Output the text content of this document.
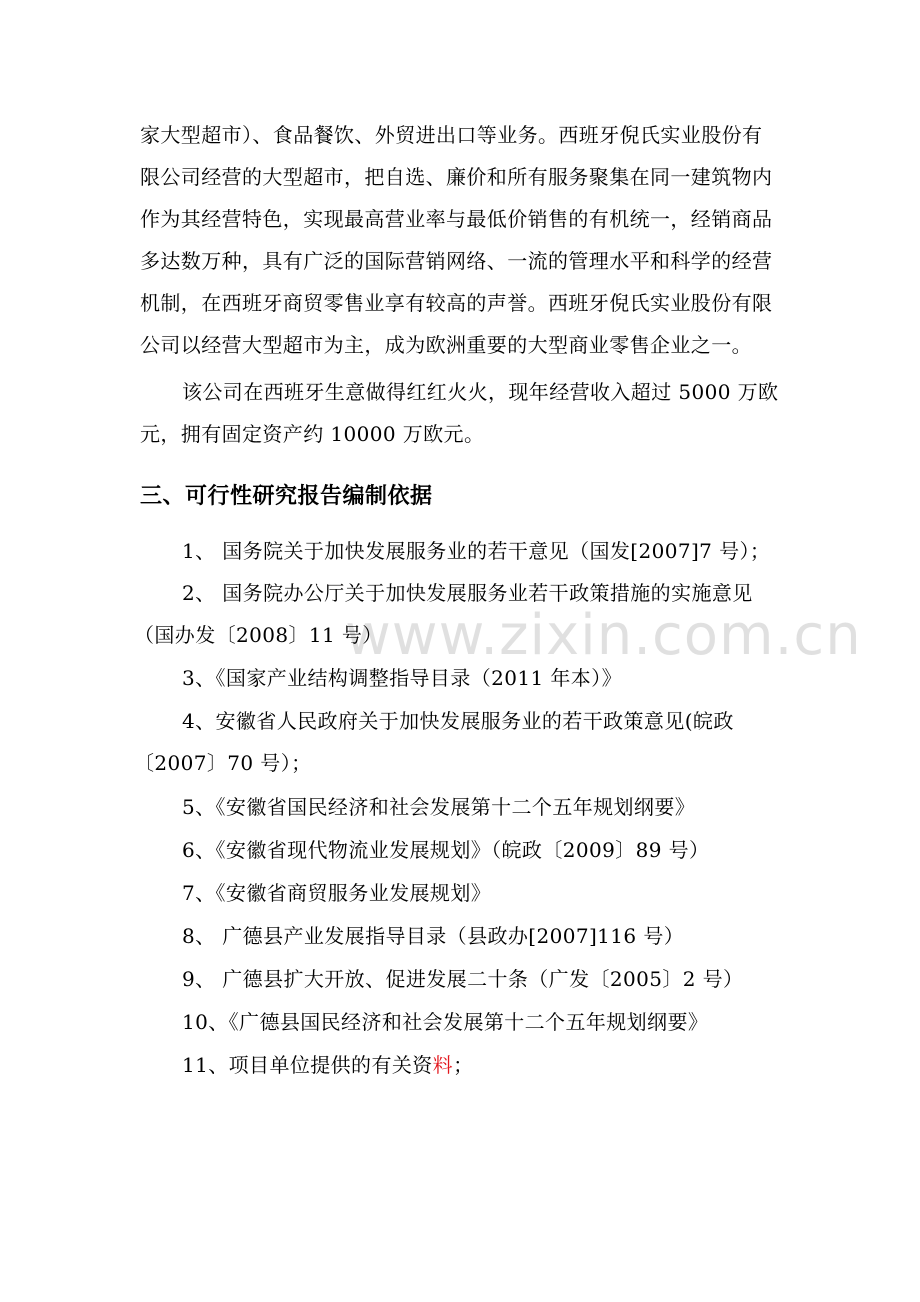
家大型超市）、食品餐饮、外贸进出口等业务。西班牙倪氏实业股份有
限公司经营的大型超市，把自选、廉价和所有服务聚集在同一建筑物内
作为其经营特色，实现最高营业率与最低价销售的有机统一，经销商品
多达数万种，具有广泛的国际营销网络、一流的管理水平和科学的经营
机制，在西班牙商贸零售业享有较高的声誉。西班牙倪氏实业股份有限
公司以经营大型超市为主，成为欧洲重要的大型商业零售企业之一。
该公司在西班牙生意做得红红火火，现年经营收入超过 5000 万欧
元，拥有固定资产约 10000 万欧元。
三、可行性研究报告编制依据
1、 国务院关于加快发展服务业的若干意见（国发[2007]7 号）；
2、 国务院办公厅关于加快发展服务业若干政策措施的实施意见
（国办发〔2008〕11 号）
3、《国家产业结构调整指导目录（2011 年本）》
4、安徽省人民政府关于加快发展服务业的若干政策意见(皖政
〔2007〕70 号）；
5、《安徽省国民经济和社会发展第十二个五年规划纲要》
6、《安徽省现代物流业发展规划》（皖政〔2009〕89 号）
7、《安徽省商贸服务业发展规划》
8、 广德县产业发展指导目录（县政办[2007]116 号）
9、 广德县扩大开放、促进发展二十条（广发〔2005〕2 号）
10、《广德县国民经济和社会发展第十二个五年规划纲要》
11、项目单位提供的有关资料；
www.zixin.com.cn
